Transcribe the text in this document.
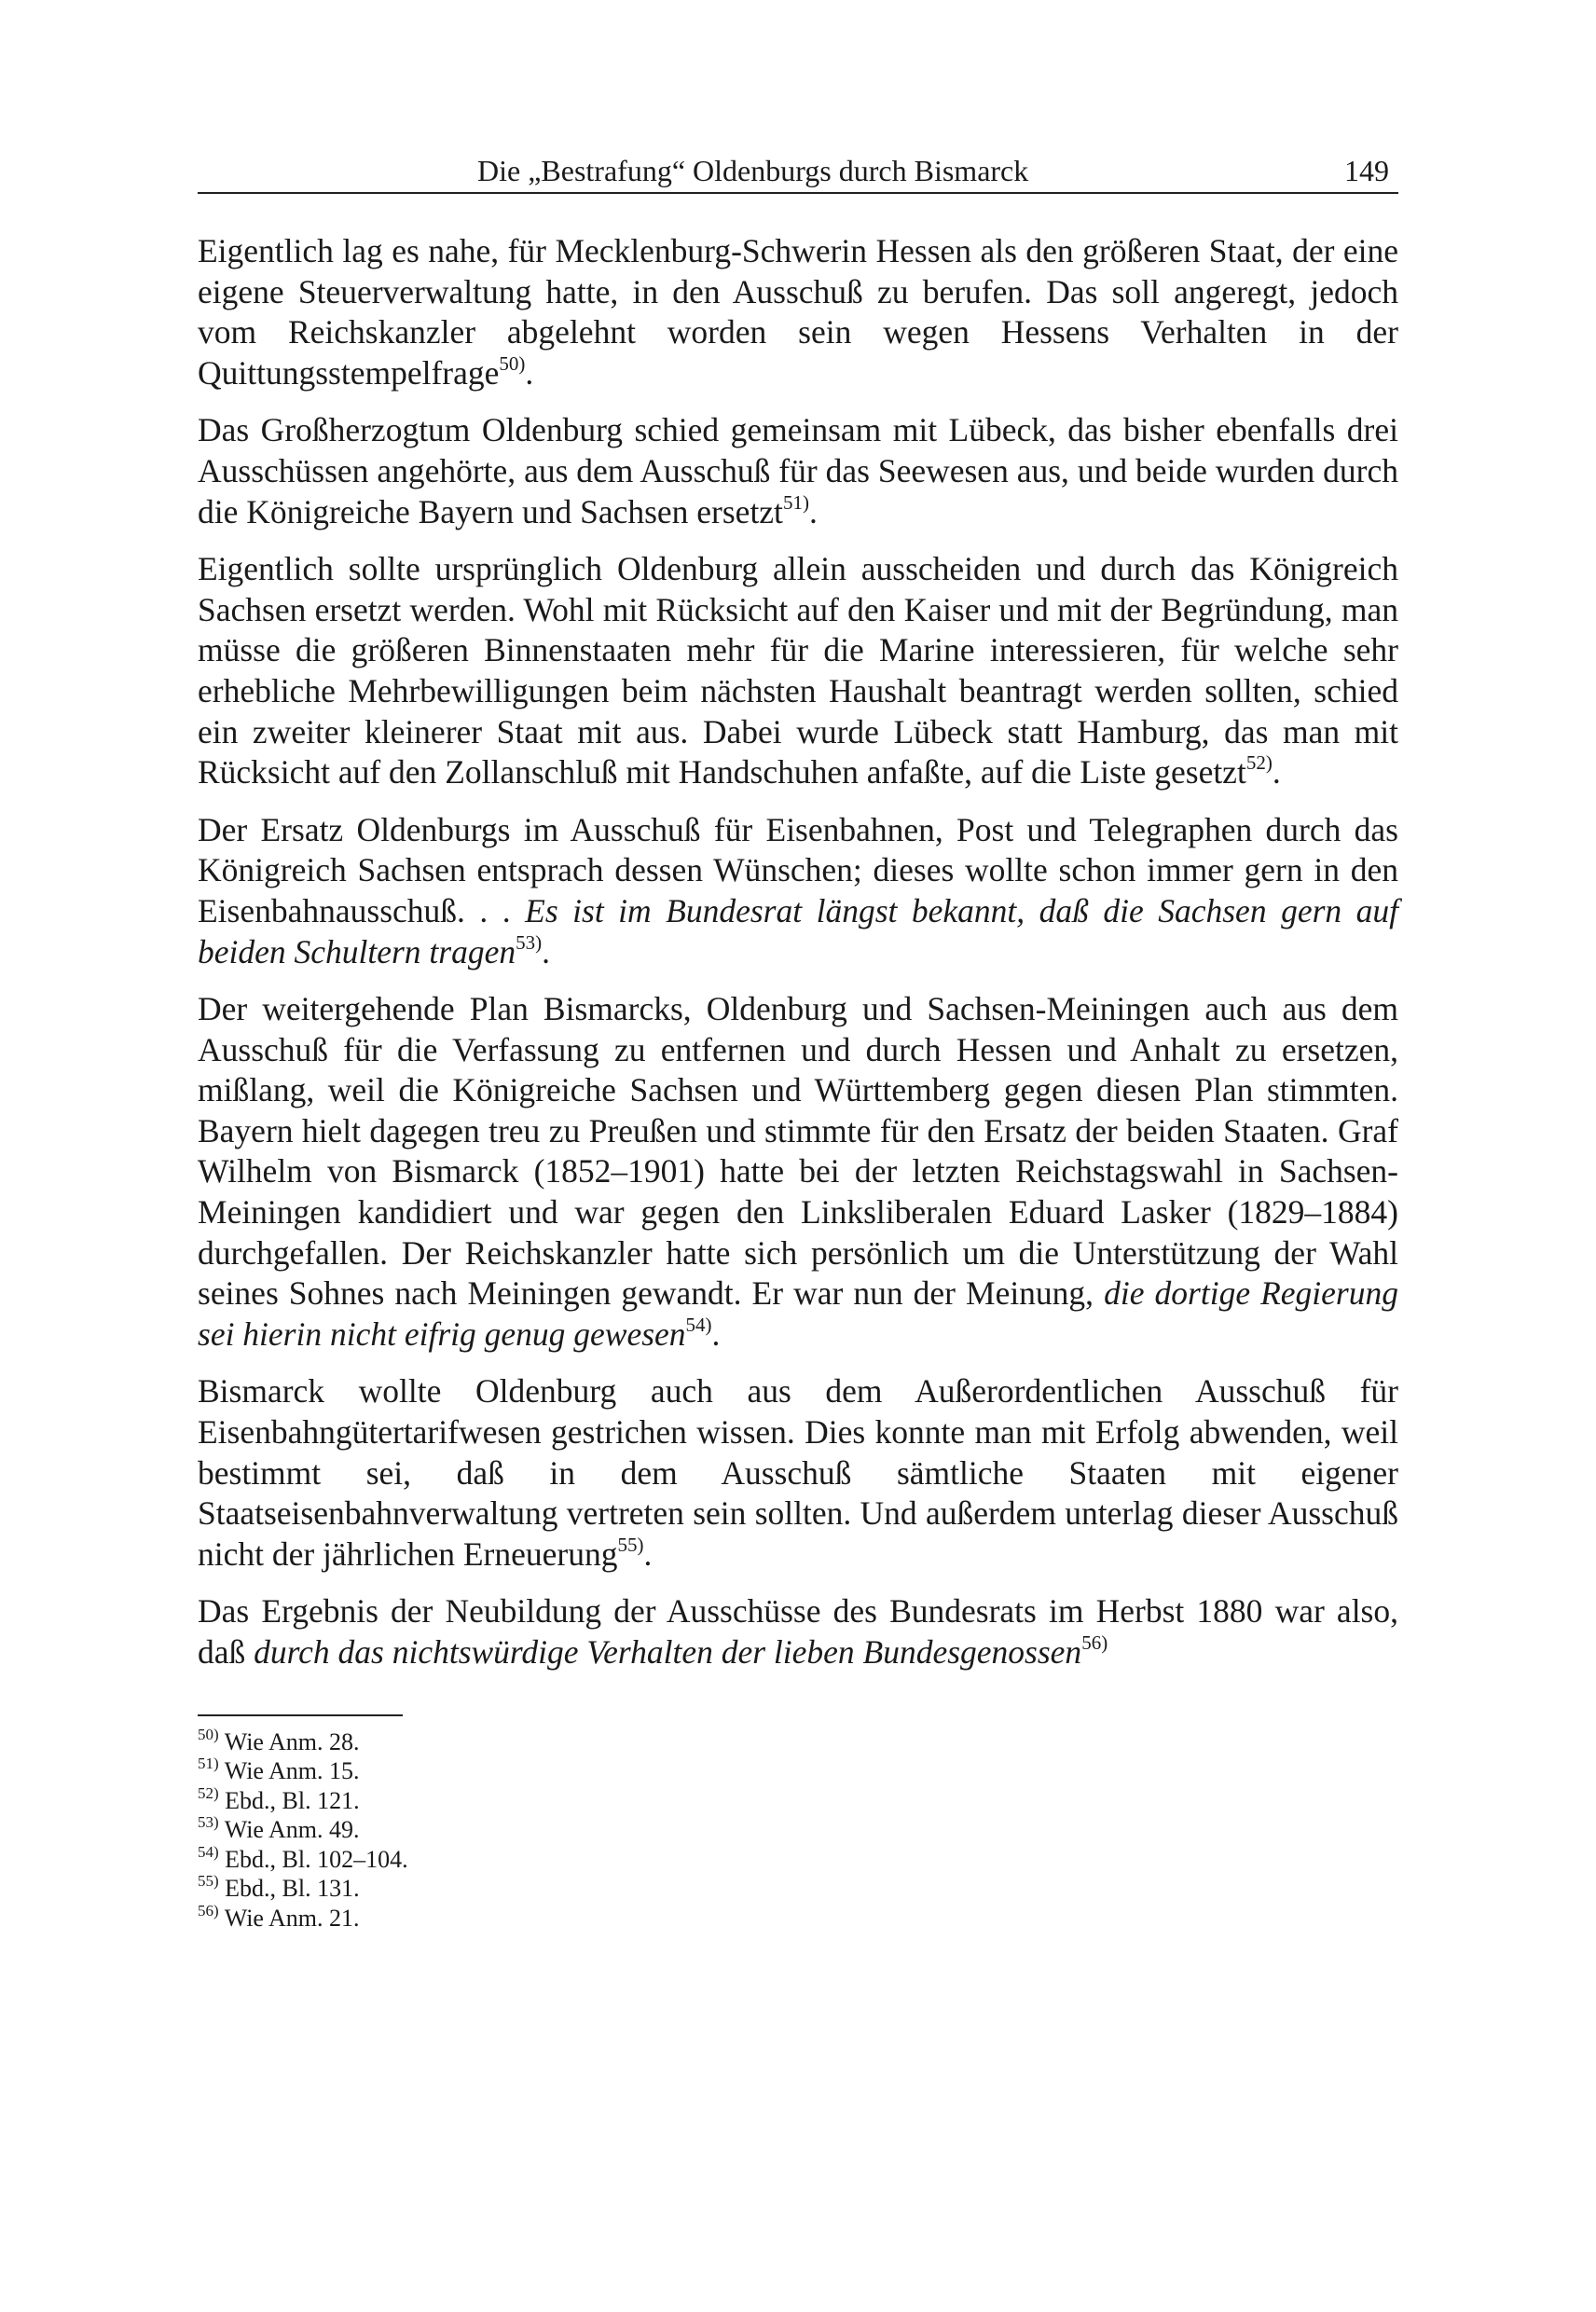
Die „Bestrafung“ Oldenburgs durch Bismarck	149

Eigentlich lag es nahe, für Mecklenburg-Schwerin Hessen als den größeren Staat, der eine eigene Steuerverwaltung hatte, in den Ausschuß zu berufen. Das soll angeregt, jedoch vom Reichskanzler abgelehnt worden sein wegen Hessens Verhalten in der Quittungsstempelfrage$^{50)}$.

Das Großherzogtum Oldenburg schied gemeinsam mit Lübeck, das bisher ebenfalls drei Ausschüssen angehörte, aus dem Ausschuß für das Seewesen aus, und beide wurden durch die Königreiche Bayern und Sachsen ersetzt$^{51)}$.

Eigentlich sollte ursprünglich Oldenburg allein ausscheiden und durch das Königreich Sachsen ersetzt werden. Wohl mit Rücksicht auf den Kaiser und mit der Begründung, man müsse die größeren Binnenstaaten mehr für die Marine interessieren, für welche sehr erhebliche Mehrbewilligungen beim nächsten Haushalt beantragt werden sollten, schied ein zweiter kleinerer Staat mit aus. Dabei wurde Lübeck statt Hamburg, das man mit Rücksicht auf den Zollanschluß mit Handschuhen anfaßte, auf die Liste gesetzt$^{52)}$.

Der Ersatz Oldenburgs im Ausschuß für Eisenbahnen, Post und Telegraphen durch das Königreich Sachsen entsprach dessen Wünschen; dieses wollte schon immer gern in den Eisenbahnausschuß. . . Es ist im Bundesrat längst bekannt, daß die Sachsen gern auf beiden Schultern tragen$^{53)}$.

Der weitergehende Plan Bismarcks, Oldenburg und Sachsen-Meiningen auch aus dem Ausschuß für die Verfassung zu entfernen und durch Hessen und Anhalt zu ersetzen, mißlang, weil die Königreiche Sachsen und Württemberg gegen diesen Plan stimmten. Bayern hielt dagegen treu zu Preußen und stimmte für den Ersatz der beiden Staaten. Graf Wilhelm von Bismarck (1852–1901) hatte bei der letzten Reichstagswahl in Sachsen-Meiningen kandidiert und war gegen den Linksliberalen Eduard Lasker (1829–1884) durchgefallen. Der Reichskanzler hatte sich persönlich um die Unterstützung der Wahl seines Sohnes nach Meiningen gewandt. Er war nun der Meinung, die dortige Regierung sei hierin nicht eifrig genug gewesen$^{54)}$.

Bismarck wollte Oldenburg auch aus dem Außerordentlichen Ausschuß für Eisenbahngütertarifwesen gestrichen wissen. Dies konnte man mit Erfolg abwenden, weil bestimmt sei, daß in dem Ausschuß sämtliche Staaten mit eigener Staatseisenbahnverwaltung vertreten sein sollten. Und außerdem unterlag dieser Ausschuß nicht der jährlichen Erneuerung$^{55)}$.

Das Ergebnis der Neubildung der Ausschüsse des Bundesrats im Herbst 1880 war also, daß durch das nichtswürdige Verhalten der lieben Bundesgenossen$^{56)}$

$^{50)}$ Wie Anm. 28.
$^{51)}$ Wie Anm. 15.
$^{52)}$ Ebd., Bl. 121.
$^{53)}$ Wie Anm. 49.
$^{54)}$ Ebd., Bl. 102–104.
$^{55)}$ Ebd., Bl. 131.
$^{56)}$ Wie Anm. 21.
